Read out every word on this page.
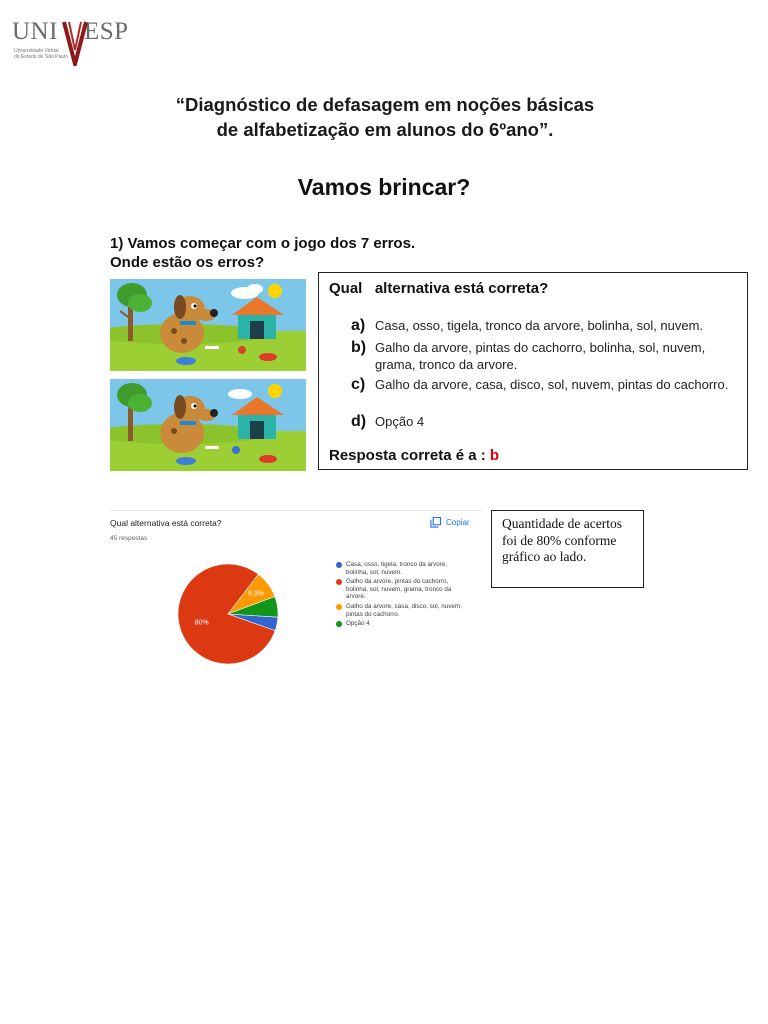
UNI ESP
Universidade Virtual
do Estado de São Paulo
“Diagnóstico de defasagem em noções básicas
de alfabetização em alunos do 6ºano”.
Vamos brincar?
1) Vamos começar com o jogo dos 7 erros.
Onde estão os erros?
Qual   alternativa está correta?
a) Casa, osso, tigela, tronco da arvore, bolinha, sol, nuvem.
b) Galho da arvore, pintas do cachorro, bolinha, sol, nuvem, grama, tronco da arvore.
c) Galho da arvore, casa, disco, sol, nuvem, pintas do cachorro.
d) Opção 4
Resposta correta é a : b
Qual alternativa está correta?
45 respostas
Copiar
80%
8,9%
Casa, osso, tigela, tronco da arvore, bolinha, sol, nuvem.
Galho da arvore, pintas do cachorro, bolinha, sol, nuvem, grama, tronco da arvore.
Galho da arvore, casa, disco, sol, nuvem, pintas do cachorro.
Opção 4
Quantidade de acertos foi de 80% conforme gráfico ao lado.
